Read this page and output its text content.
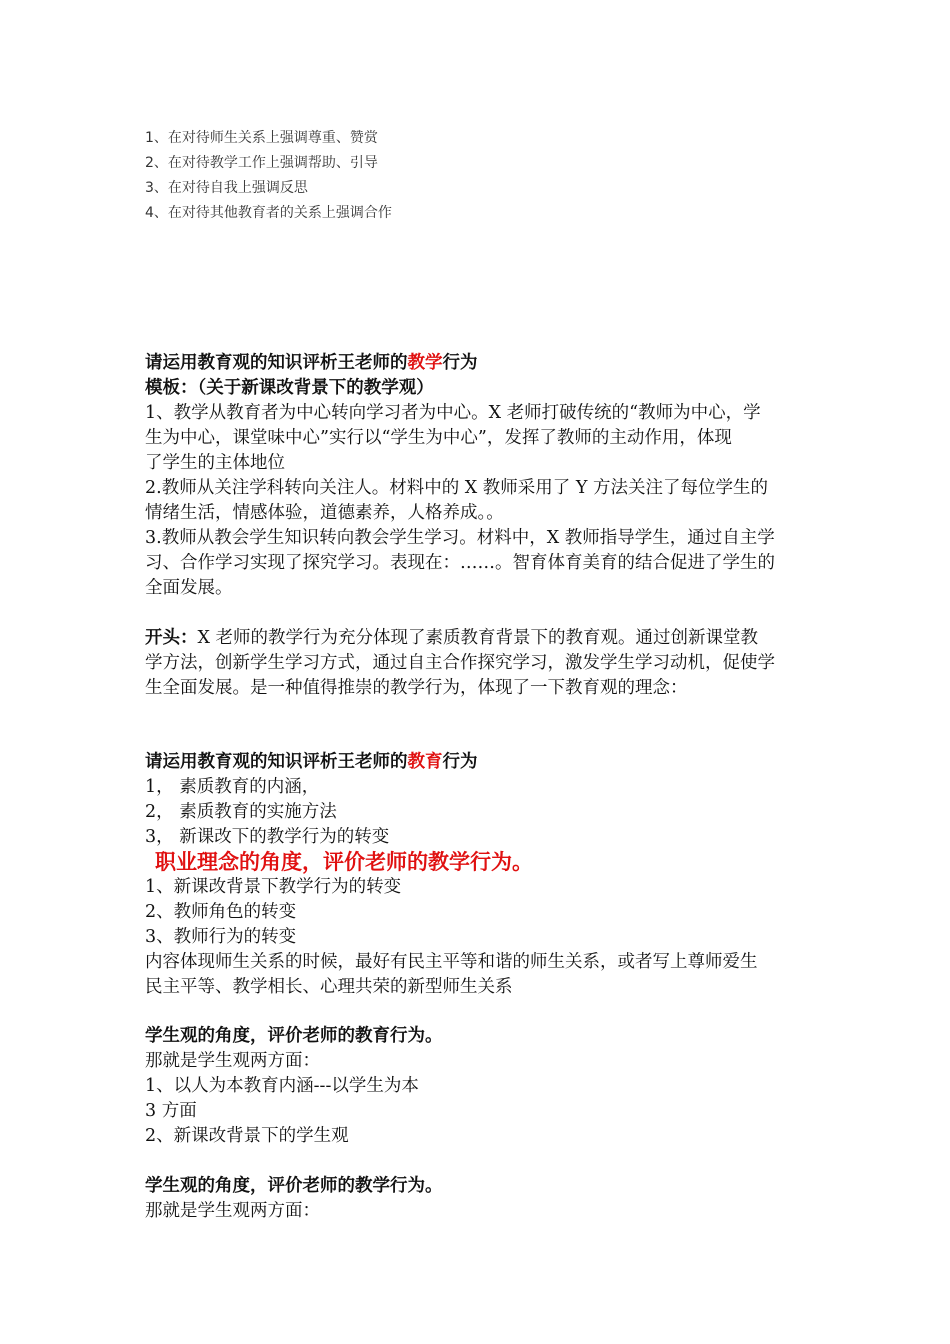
1、在对待师生关系上强调尊重、赞赏
2、在对待教学工作上强调帮助、引导
3、在对待自我上强调反思
4、在对待其他教育者的关系上强调合作
请运用教育观的知识评析王老师的教学行为
模板：（关于新课改背景下的教学观）
1、教学从教育者为中心转向学习者为中心。X 老师打破传统的“教师为中心，学
生为中心，课堂味中心”实行以“学生为中心”，发挥了教师的主动作用，体现
了学生的主体地位
2.教师从关注学科转向关注人。材料中的 X 教师采用了 Y 方法关注了每位学生的
情绪生活，情感体验，道德素养，人格养成。。
3.教师从教会学生知识转向教会学生学习。材料中，X 教师指导学生，通过自主学
习、合作学习实现了探究学习。表现在：……。智育体育美育的结合促进了学生的
全面发展。
开头：X 老师的教学行为充分体现了素质教育背景下的教育观。通过创新课堂教
学方法，创新学生学习方式，通过自主合作探究学习，激发学生学习动机，促使学
生全面发展。是一种值得推崇的教学行为，体现了一下教育观的理念：
请运用教育观的知识评析王老师的教育行为
1， 素质教育的内涵，
2， 素质教育的实施方法
3， 新课改下的教学行为的转变
职业理念的角度，评价老师的教学行为。
1、新课改背景下教学行为的转变
2、教师角色的转变
3、教师行为的转变
内容体现师生关系的时候，最好有民主平等和谐的师生关系，或者写上尊师爱生
民主平等、教学相长、心理共荣的新型师生关系
学生观的角度，评价老师的教育行为。
那就是学生观两方面：
1、以人为本教育内涵---以学生为本
3 方面
2、新课改背景下的学生观
学生观的角度，评价老师的教学行为。
那就是学生观两方面：
